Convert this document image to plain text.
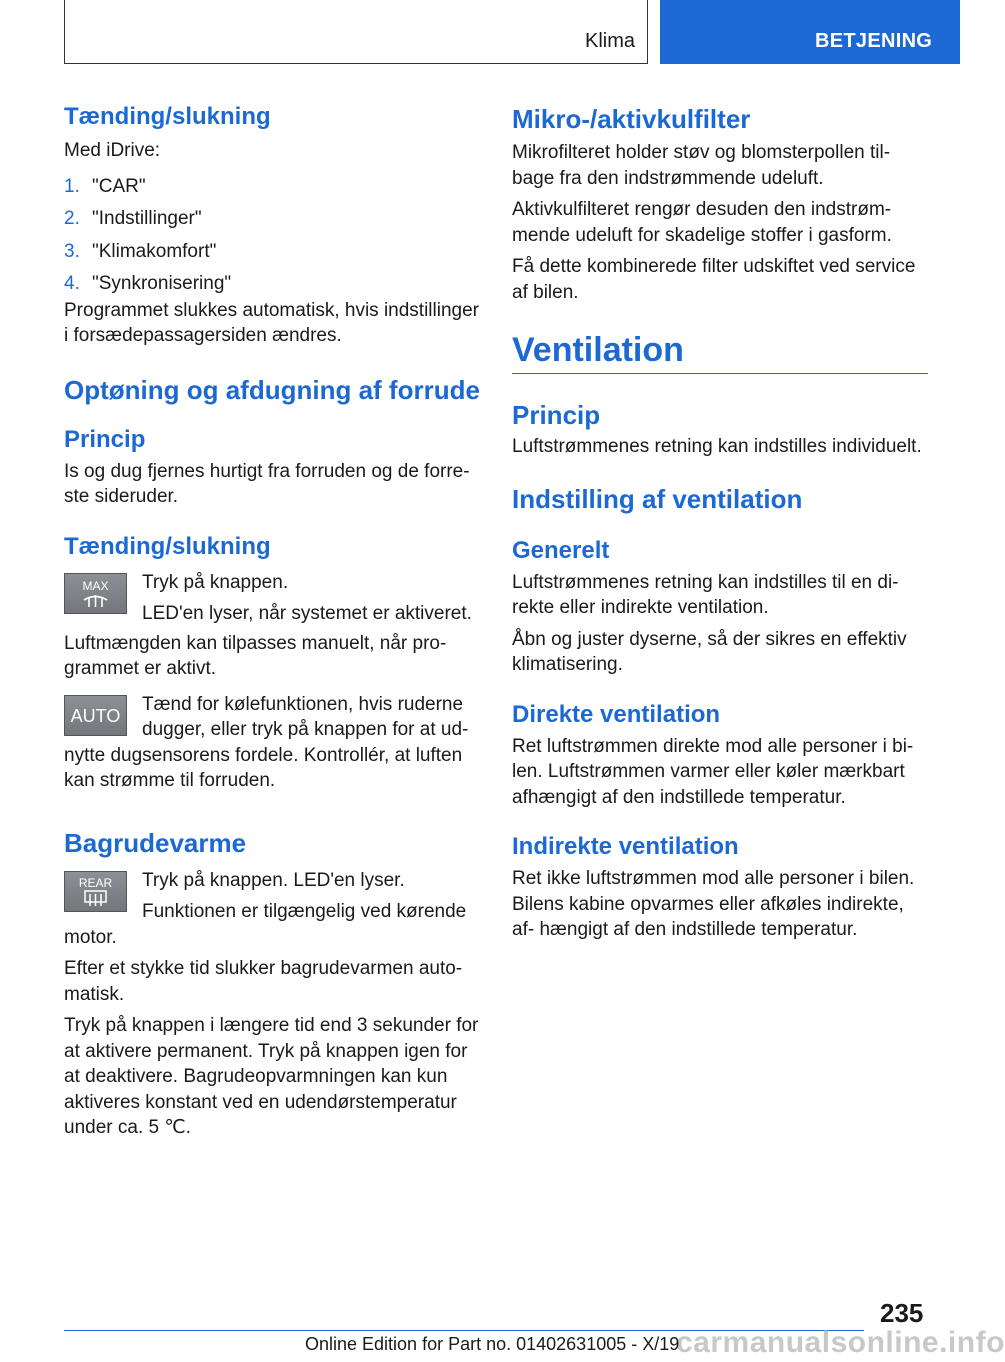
Klima	BETJENING
Tænding/slukning

Med iDrive:

1. "CAR"
2. "Indstillinger"
3. "Klimakomfort"
4. "Synkronisering"

Programmet slukkes automatisk, hvis indstillinger i forsædepassagersiden ændres.

Optøning og afdugning af forrude
Princip

Is og dug fjernes hurtigt fra forruden og de forre- ste sideruder.

Tænding/slukning
MAX	Tryk på knappen.

LED'en lyser, når systemet er aktiveret.

Luftmængden kan tilpasses manuelt, når pro- grammet er aktivt.

AUTO

Tænd for kølefunktionen, hvis ruderne dugger, eller tryk på knappen for at ud- nytte dugsensorens fordele. Kontrollér, at luften kan strømme til forruden.

Bagrudevarme
REAR	Tryk på knappen. LED'en lyser.

Funktionen er tilgængelig ved kørende motor.

Efter et stykke tid slukker bagrudevarmen auto- matisk.

Tryk på knappen i længere tid end 3 sekunder for at aktivere permanent. Tryk på knappen igen for at deaktivere. Bagrudeopvarmningen kan kun aktiveres konstant ved en udendørstemperatur under ca. 5 ℃.

Mikro-/aktivkulfilter

Mikrofilteret holder støv og blomsterpollen til- bage fra den indstrømmende udeluft.

Aktivkulfilteret rengør desuden den indstrøm- mende udeluft for skadelige stoffer i gasform.

Få dette kombinerede filter udskiftet ved service af bilen.

Ventilation
Princip

Luftstrømmenes retning kan indstilles individuelt.

Indstilling af ventilation
Generelt

Luftstrømmenes retning kan indstilles til en di- rekte eller indirekte ventilation.

Åbn og juster dyserne, så der sikres en effektiv klimatisering.

Direkte ventilation

Ret luftstrømmen direkte mod alle personer i bi- len. Luftstrømmen varmer eller køler mærkbart afhængigt af den indstillede temperatur.

Indirekte ventilation

Ret ikke luftstrømmen mod alle personer i bilen. Bilens kabine opvarmes eller afkøles indirekte, af- hængigt af den indstillede temperatur.

235
carmanualsonline.info
Online Edition for Part no. 01402631005 - X/19
